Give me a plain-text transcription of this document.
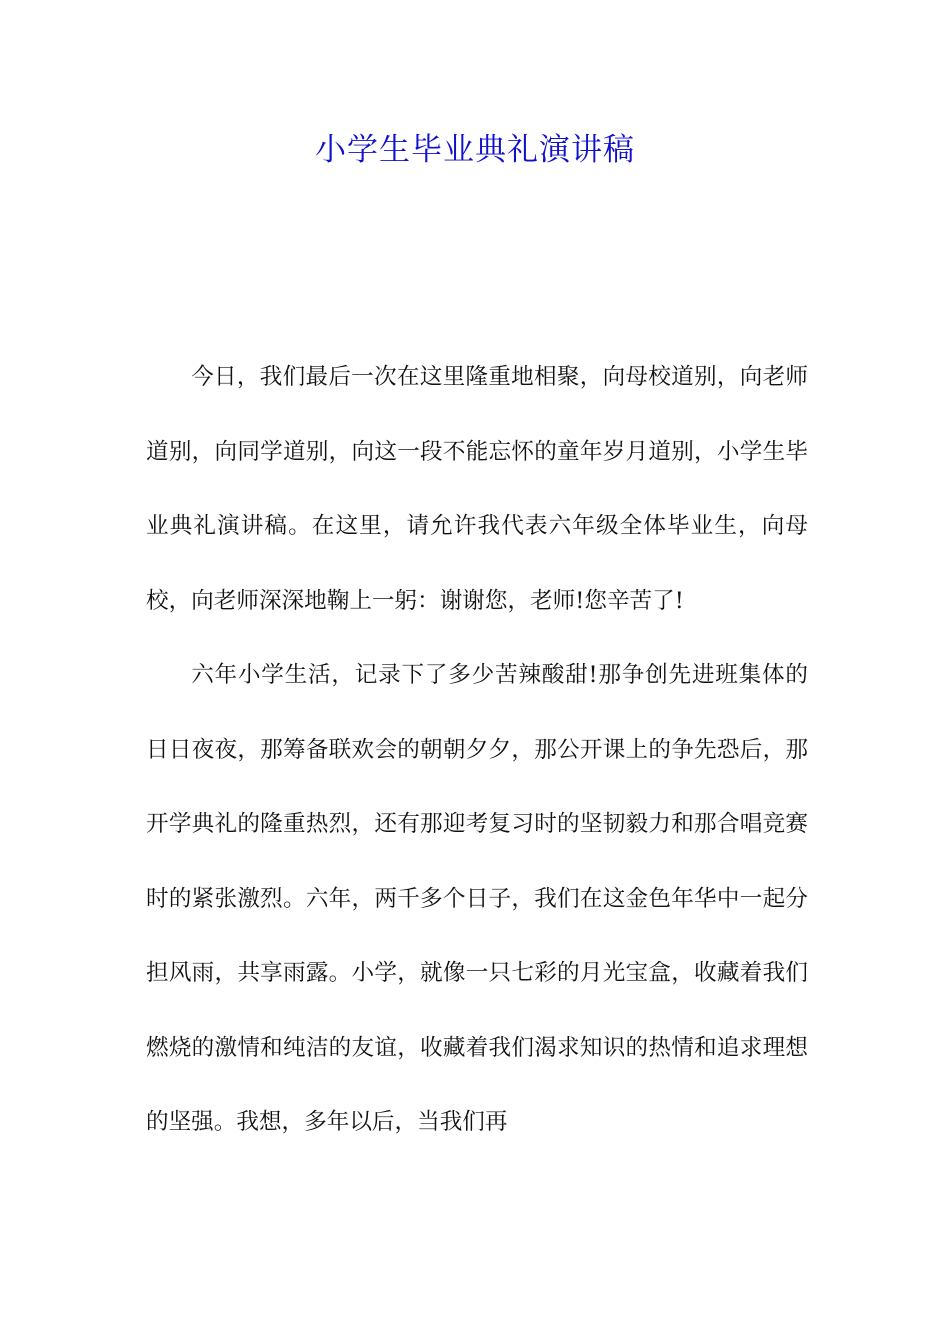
小学生毕业典礼演讲稿

今日，我们最后一次在这里隆重地相聚，向母校道别，向老师道别，向同学道别，向这一段不能忘怀的童年岁月道别，小学生毕业典礼演讲稿。在这里，请允许我代表六年级全体毕业生，向母校，向老师深深地鞠上一躬：谢谢您，老师!您辛苦了!

六年小学生活，记录下了多少苦辣酸甜!那争创先进班集体的日日夜夜，那筹备联欢会的朝朝夕夕，那公开课上的争先恐后，那开学典礼的隆重热烈，还有那迎考复习时的坚韧毅力和那合唱竞赛时的紧张激烈。六年，两千多个日子，我们在这金色年华中一起分担风雨，共享雨露。小学，就像一只七彩的月光宝盒，收藏着我们燃烧的激情和纯洁的友谊，收藏着我们渴求知识的热情和追求理想的坚强。我想，多年以后，当我们再
